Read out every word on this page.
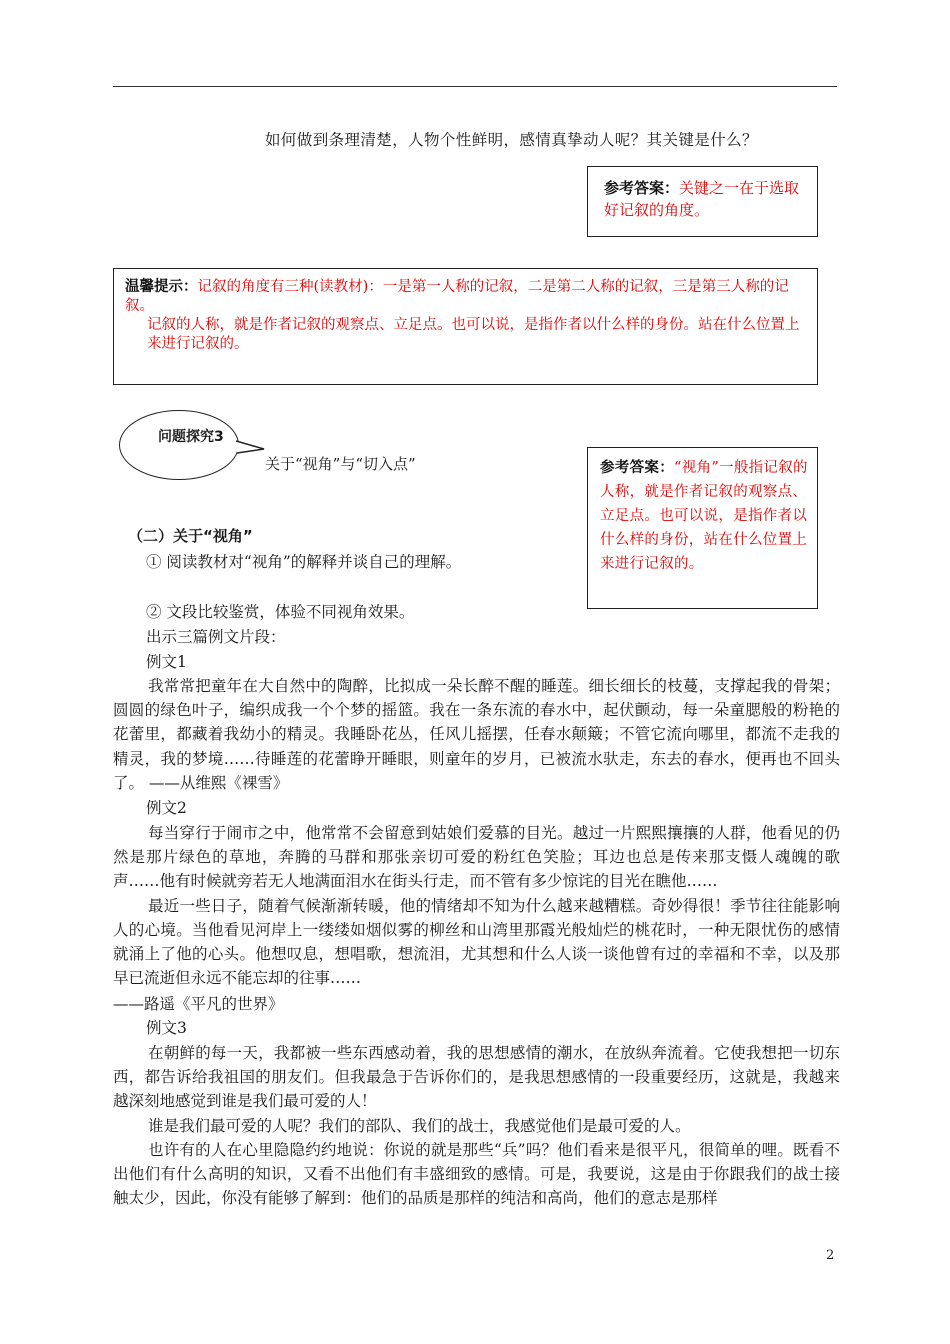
如何做到条理清楚，人物个性鲜明，感情真挚动人呢？其关键是什么？

参考答案：关键之一在于选取好记叙的角度。

温馨提示：记叙的角度有三种(读教材)：一是第一人称的记叙，二是第二人称的记叙，三是第三人称的记叙。

记叙的人称，就是作者记叙的观察点、立足点。也可以说，是指作者以什么样的身份。站在什么位置上来进行记叙的。

问题探究3
关于“视角”与“切入点”	参考答案：“视角”一般指记叙的人称，就是作者记叙的观察点、立足点。也可以说，是指作者以什么样的身份，站在什么位置上来进行记叙的。

（二）关于“视角”
① 阅读教材对“视角”的解释并谈自己的理解。
② 文段比较鉴赏，体验不同视角效果。
出示三篇例文片段：
例文1

我常常把童年在大自然中的陶醉，比拟成一朵长醉不醒的睡莲。细长细长的枝蔓，支撑起我的骨架；圆圆的绿色叶子，编织成我一个个梦的摇篮。我在一条东流的春水中，起伏颤动，每一朵童腮般的粉艳的花蕾里，都藏着我幼小的精灵。我睡卧花丛，任风儿摇摆，任春水颠簸；不管它流向哪里，都流不走我的精灵，我的梦境……待睡莲的花蕾睁开睡眼，则童年的岁月，已被流水驮走，东去的春水，便再也不回头了。 ——从维熙《裸雪》

例文2

每当穿行于闹市之中，他常常不会留意到姑娘们爱慕的目光。越过一片熙熙攘攘的人群，他看见的仍然是那片绿色的草地，奔腾的马群和那张亲切可爱的粉红色笑脸；耳边也总是传来那支慑人魂魄的歌声……他有时候就旁若无人地满面泪水在街头行走，而不管有多少惊诧的目光在瞧他……

最近一些日子，随着气候渐渐转暖，他的情绪却不知为什么越来越糟糕。奇妙得很！季节往往能影响人的心境。当他看见河岸上一缕缕如烟似雾的柳丝和山湾里那霞光般灿烂的桃花时，一种无限忧伤的感情就涌上了他的心头。他想叹息，想唱歌，想流泪，尤其想和什么人谈一谈他曾有过的幸福和不幸，以及那早已流逝但永远不能忘却的往事……

——路遥《平凡的世界》
例文3

在朝鲜的每一天，我都被一些东西感动着，我的思想感情的潮水，在放纵奔流着。它使我想把一切东西，都告诉给我祖国的朋友们。但我最急于告诉你们的，是我思想感情的一段重要经历，这就是，我越来越深刻地感觉到谁是我们最可爱的人！

谁是我们最可爱的人呢？我们的部队、我们的战士，我感觉他们是最可爱的人。

也许有的人在心里隐隐约约地说：你说的就是那些“兵”吗？他们看来是很平凡，很简单的哩。既看不出他们有什么高明的知识，又看不出他们有丰盛细致的感情。可是，我要说，这是由于你跟我们的战士接触太少，因此，你没有能够了解到：他们的品质是那样的纯洁和高尚，他们的意志是那样

2
